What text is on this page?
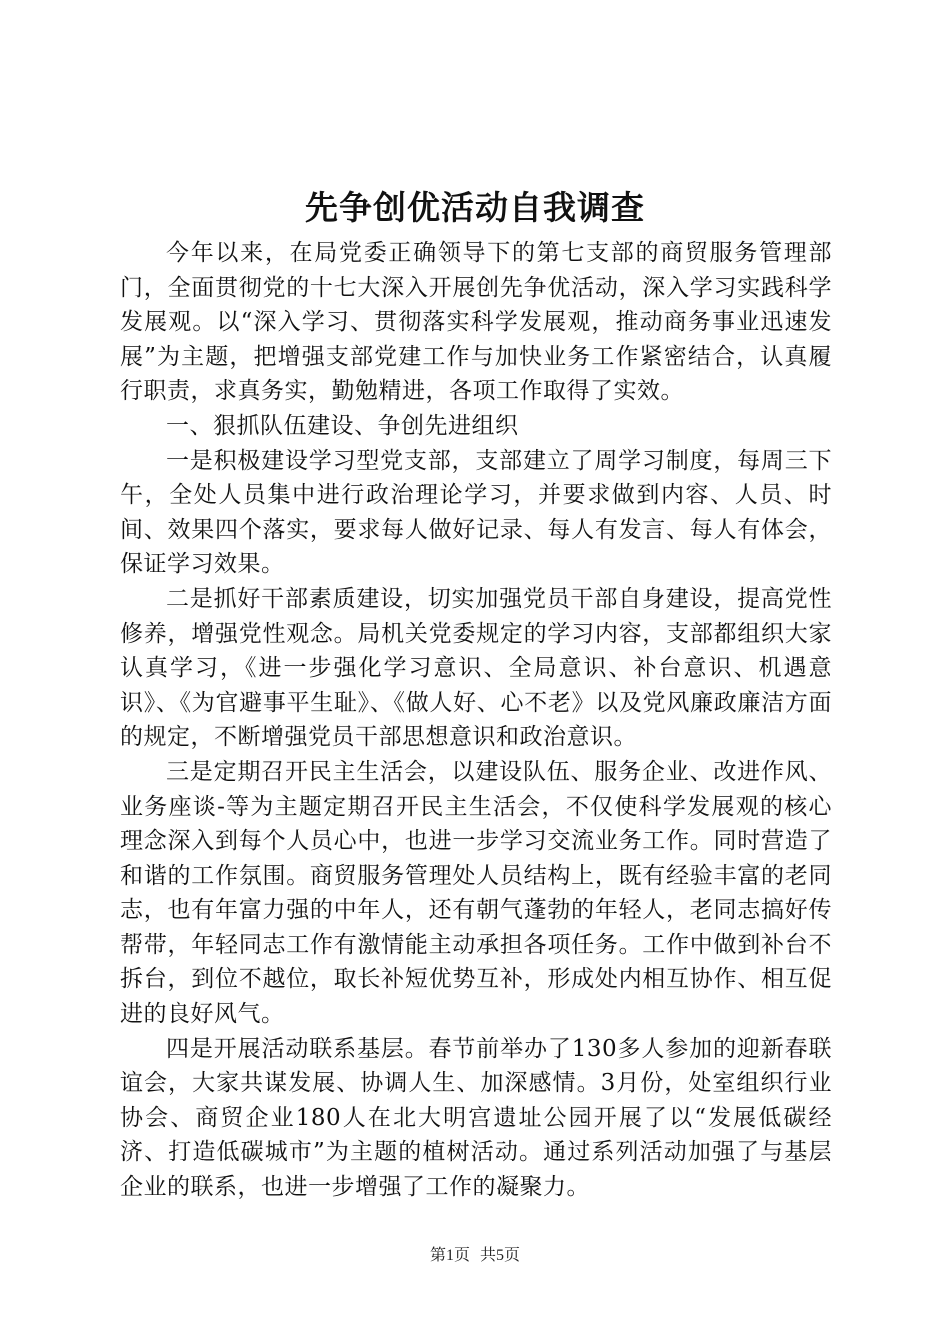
先争创优活动自我调查

今年以来，在局党委正确领导下的第七支部的商贸服务管理部门，全面贯彻党的十七大深入开展创先争优活动，深入学习实践科学发展观。以“深入学习、贯彻落实科学发展观，推动商务事业迅速发展”为主题，把增强支部党建工作与加快业务工作紧密结合，认真履行职责，求真务实，勤勉精进，各项工作取得了实效。

一、狠抓队伍建设、争创先进组织

一是积极建设学习型党支部，支部建立了周学习制度，每周三下午，全处人员集中进行政治理论学习，并要求做到内容、人员、时间、效果四个落实，要求每人做好记录、每人有发言、每人有体会，保证学习效果。

二是抓好干部素质建设，切实加强党员干部自身建设，提高党性修养，增强党性观念。局机关党委规定的学习内容，支部都组织大家认真学习，《进一步强化学习意识、全局意识、补台意识、机遇意识》、《为官避事平生耻》、《做人好、心不老》以及党风廉政廉洁方面的规定，不断增强党员干部思想意识和政治意识。

三是定期召开民主生活会，以建设队伍、服务企业、改进作风、业务座谈-等为主题定期召开民主生活会，不仅使科学发展观的核心理念深入到每个人员心中，也进一步学习交流业务工作。同时营造了和谐的工作氛围。商贸服务管理处人员结构上，既有经验丰富的老同志，也有年富力强的中年人，还有朝气蓬勃的年轻人，老同志搞好传帮带，年轻同志工作有激情能主动承担各项任务。工作中做到补台不拆台，到位不越位，取长补短优势互补，形成处内相互协作、相互促进的良好风气。

四是开展活动联系基层。春节前举办了130多人参加的迎新春联谊会，大家共谋发展、协调人生、加深感情。3月份，处室组织行业协会、商贸企业180人在北大明宫遗址公园开展了以“发展低碳经济、打造低碳城市”为主题的植树活动。通过系列活动加强了与基层企业的联系，也进一步增强了工作的凝聚力。

第1页 共5页
